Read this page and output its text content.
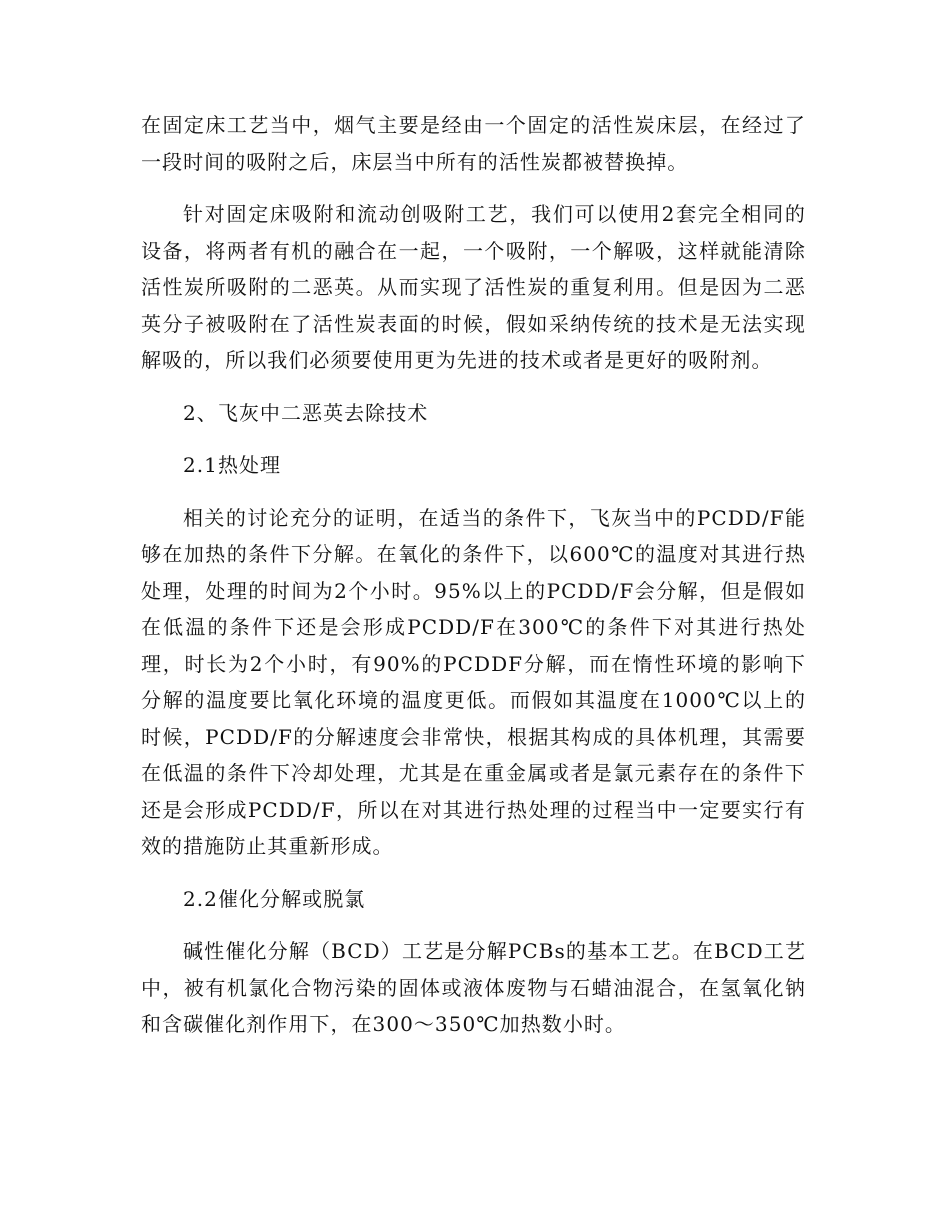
在固定床工艺当中，烟气主要是经由一个固定的活性炭床层，在经过了一段时间的吸附之后，床层当中所有的活性炭都被替换掉。

针对固定床吸附和流动创吸附工艺，我们可以使用2套完全相同的设备，将两者有机的融合在一起，一个吸附，一个解吸，这样就能清除活性炭所吸附的二恶英。从而实现了活性炭的重复利用。但是因为二恶英分子被吸附在了活性炭表面的时候，假如采纳传统的技术是无法实现解吸的，所以我们必须要使用更为先进的技术或者是更好的吸附剂。

2、飞灰中二恶英去除技术

2.1热处理

相关的讨论充分的证明，在适当的条件下，飞灰当中的PCDD/F能够在加热的条件下分解。在氧化的条件下，以600℃的温度对其进行热处理，处理的时间为2个小时。95%以上的PCDD/F会分解，但是假如在低温的条件下还是会形成PCDD/F在300℃的条件下对其进行热处理，时长为2个小时，有90%的PCDDF分解，而在惰性环境的影响下分解的温度要比氧化环境的温度更低。而假如其温度在1000℃以上的时候，PCDD/F的分解速度会非常快，根据其构成的具体机理，其需要在低温的条件下冷却处理，尤其是在重金属或者是氯元素存在的条件下还是会形成PCDD/F，所以在对其进行热处理的过程当中一定要实行有效的措施防止其重新形成。

2.2催化分解或脱氯

碱性催化分解（BCD）工艺是分解PCBs的基本工艺。在BCD工艺中，被有机氯化合物污染的固体或液体废物与石蜡油混合，在氢氧化钠和含碳催化剂作用下，在300～350℃加热数小时。
